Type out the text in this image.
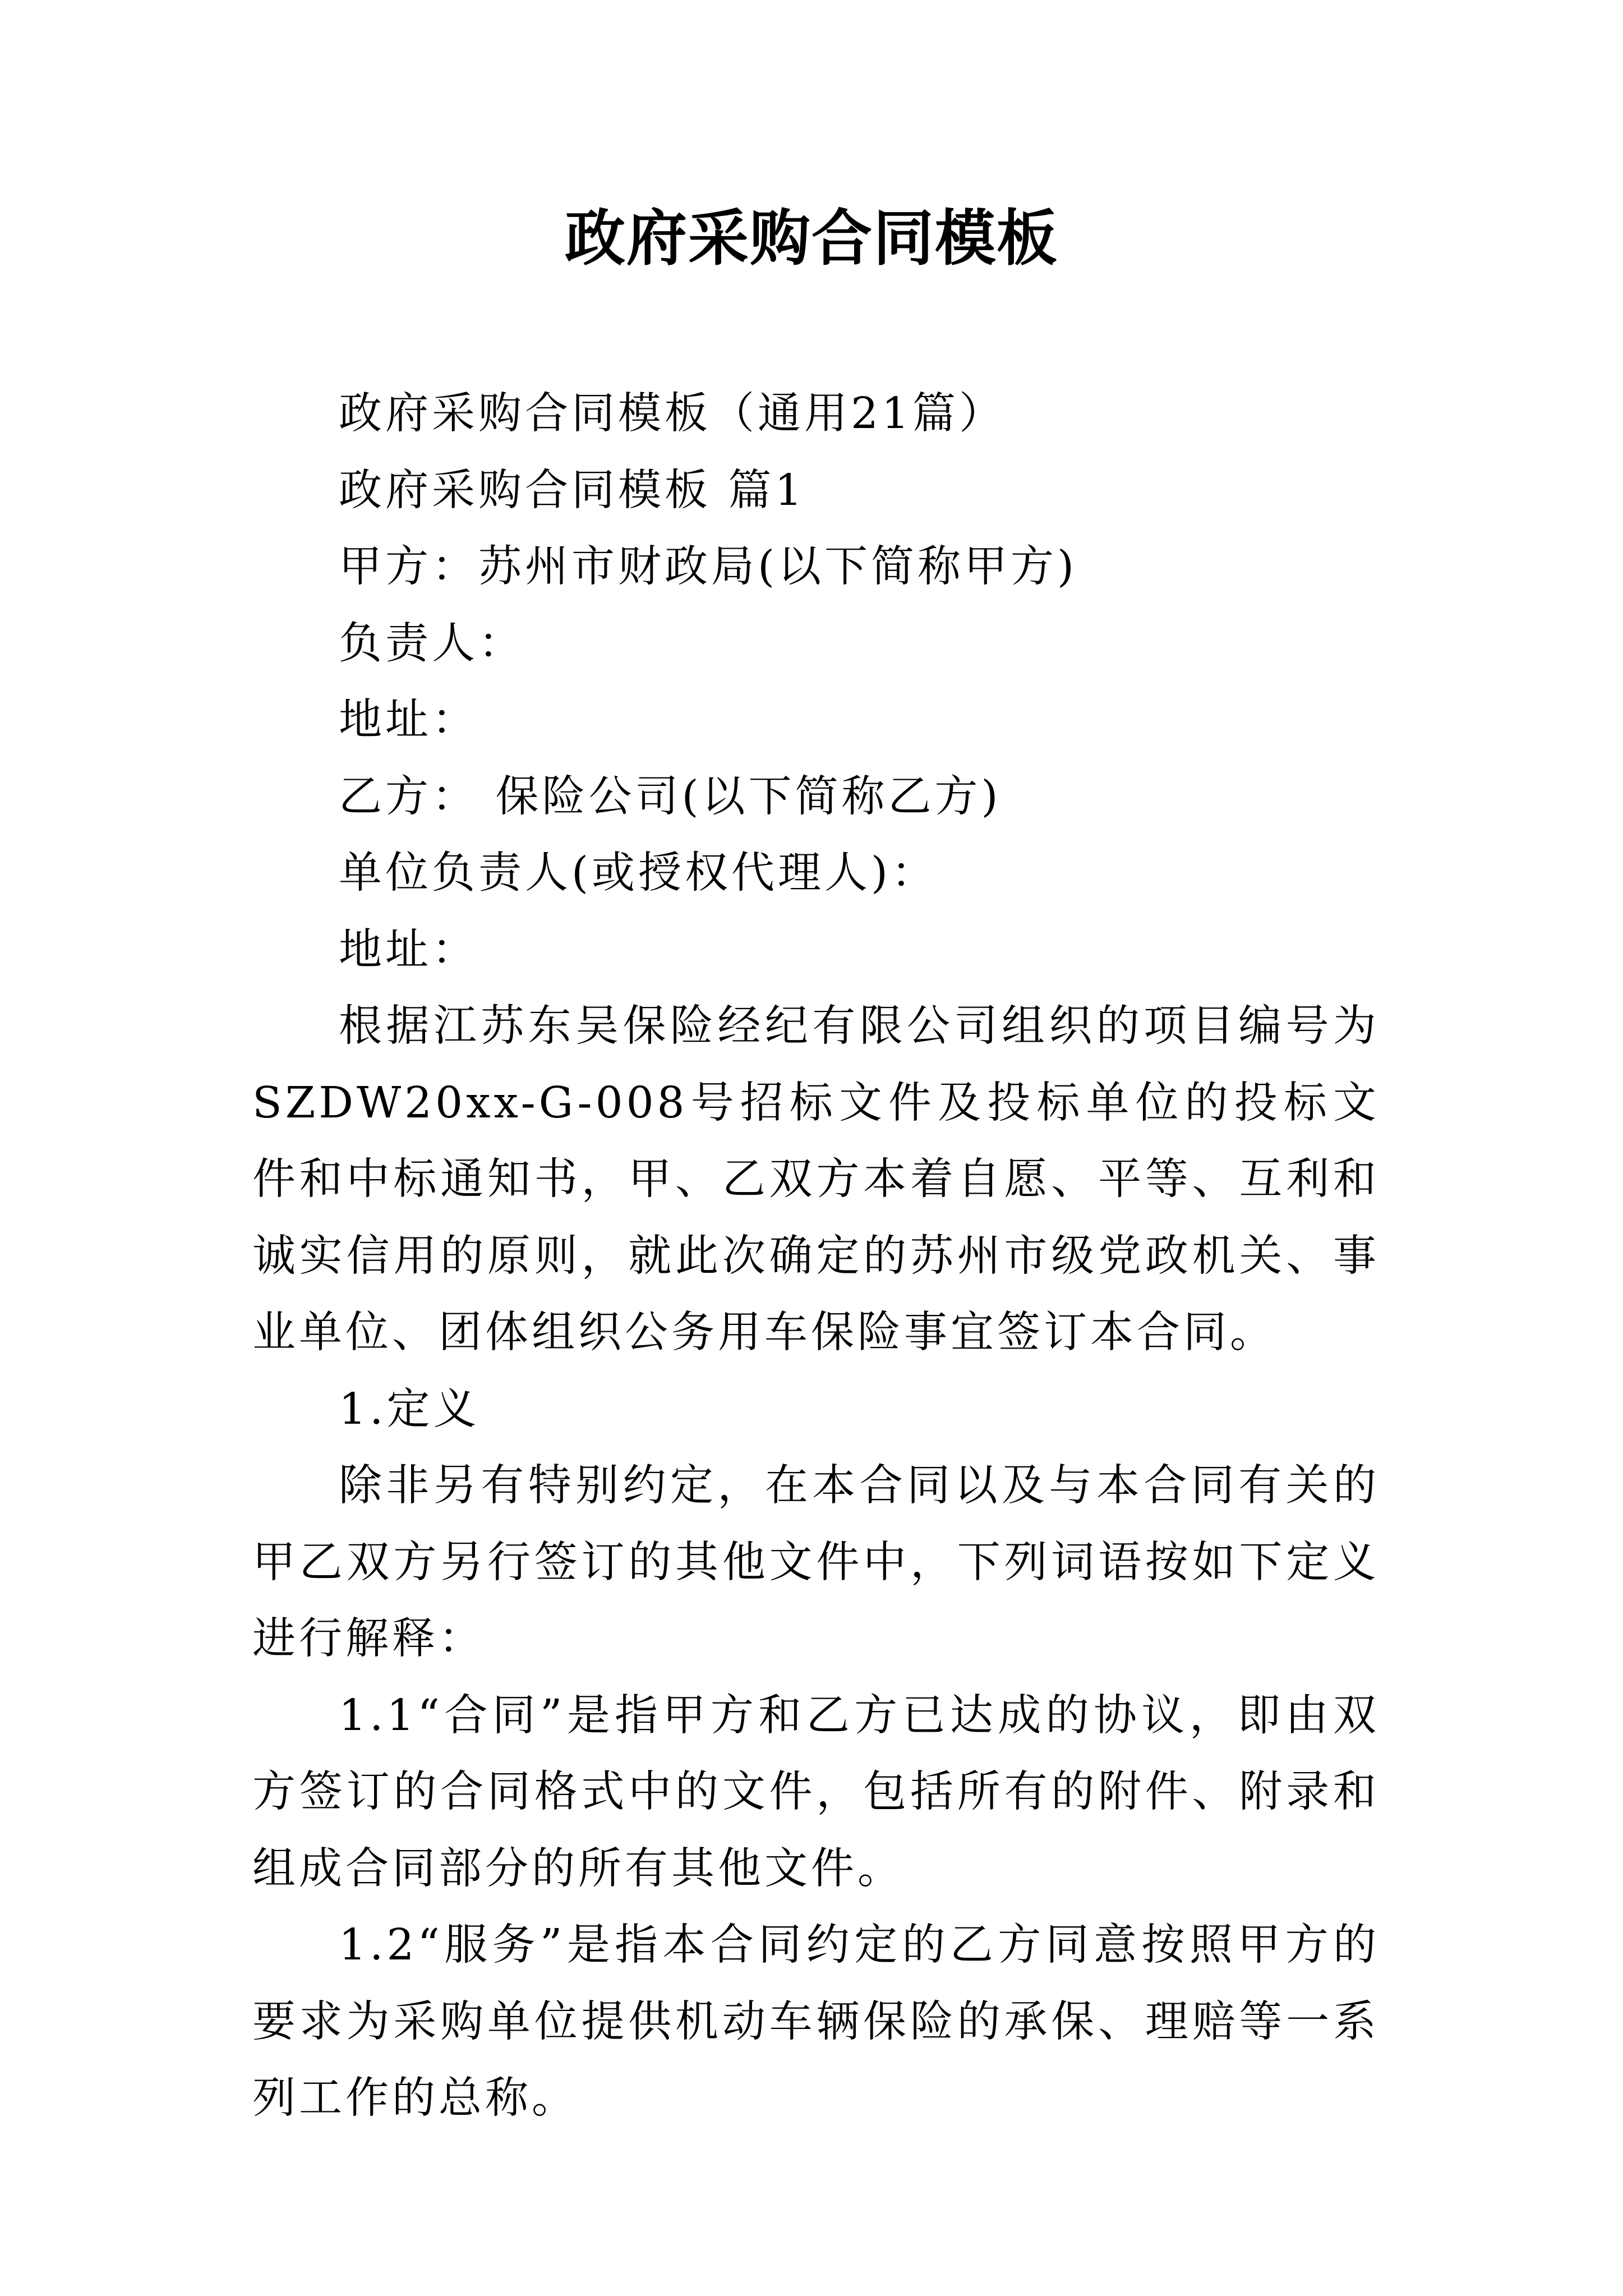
政府采购合同模板

政府采购合同模板（通用21篇）

政府采购合同模板 篇1

甲方：苏州市财政局(以下简称甲方)

负责人：

地址：

乙方： 保险公司(以下简称乙方)

单位负责人(或授权代理人)：

地址：

根据江苏东吴保险经纪有限公司组织的项目编号为SZDW20xx-G-008号招标文件及投标单位的投标文件和中标通知书，甲、乙双方本着自愿、平等、互利和诚实信用的原则，就此次确定的苏州市级党政机关、事业单位、团体组织公务用车保险事宜签订本合同。

1.定义

除非另有特别约定，在本合同以及与本合同有关的甲乙双方另行签订的其他文件中，下列词语按如下定义进行解释：

1.1“合同”是指甲方和乙方已达成的协议，即由双方签订的合同格式中的文件，包括所有的附件、附录和组成合同部分的所有其他文件。

1.2“服务”是指本合同约定的乙方同意按照甲方的要求为采购单位提供机动车辆保险的承保、理赔等一系列工作的总称。
